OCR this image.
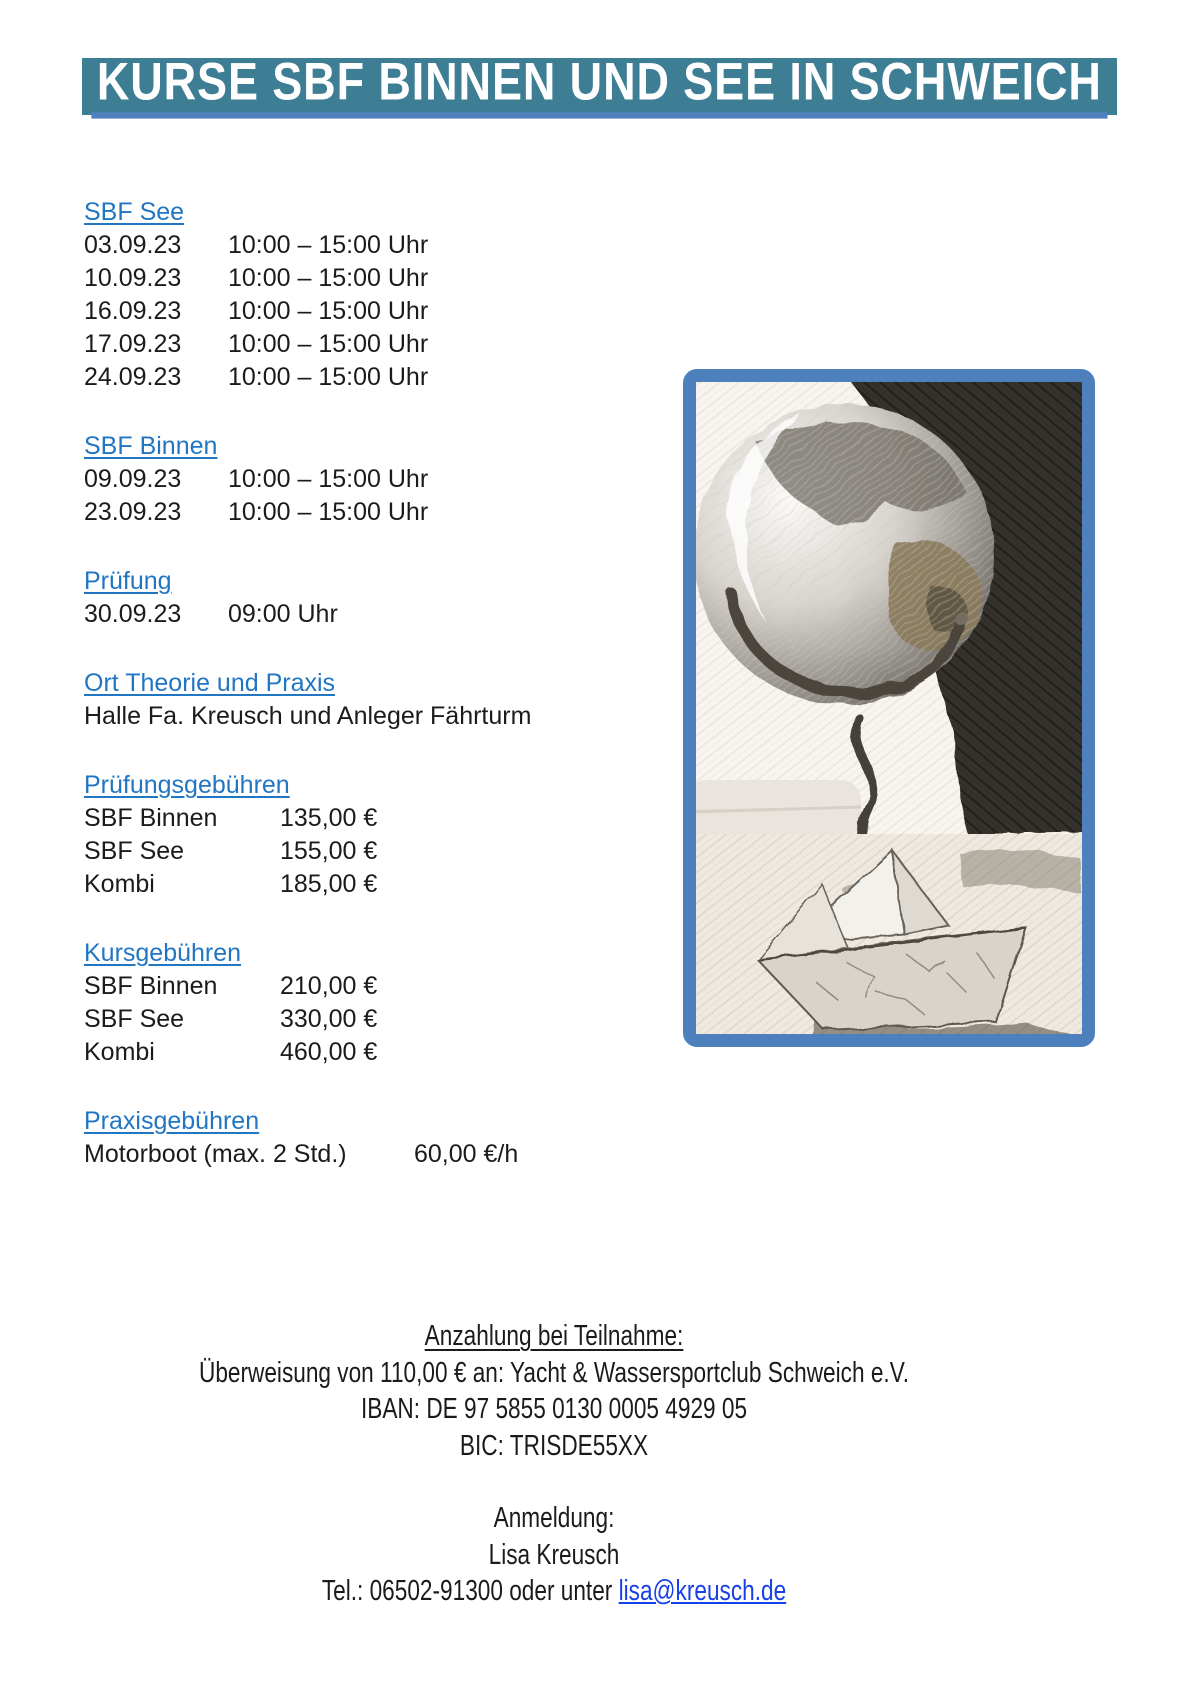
KURSE SBF BINNEN UND SEE IN SCHWEICH
SBF See
03.09.23	10:00 – 15:00 Uhr
10.09.23	10:00 – 15:00 Uhr
16.09.23	10:00 – 15:00 Uhr
17.09.23	10:00 – 15:00 Uhr
24.09.23	10:00 – 15:00 Uhr
SBF Binnen
09.09.23	10:00 – 15:00 Uhr
23.09.23	10:00 – 15:00 Uhr
Prüfung
30.09.23	09:00 Uhr
Ort Theorie und Praxis
Halle Fa. Kreusch und Anleger Fährturm
Prüfungsgebühren
SBF Binnen	135,00 €
SBF See	155,00 €
Kombi	185,00 €
Kursgebühren
SBF Binnen	210,00 €
SBF See	330,00 €
Kombi	460,00 €
Praxisgebühren
Motorboot (max. 2 Std.)	60,00 €/h
Anzahlung bei Teilnahme:
Überweisung von 110,00 € an: Yacht & Wassersportclub Schweich e.V.
IBAN: DE 97 5855 0130 0005 4929 05
BIC: TRISDE55XX
Anmeldung:
Lisa Kreusch
Tel.: 06502-91300 oder unter lisa@kreusch.de
